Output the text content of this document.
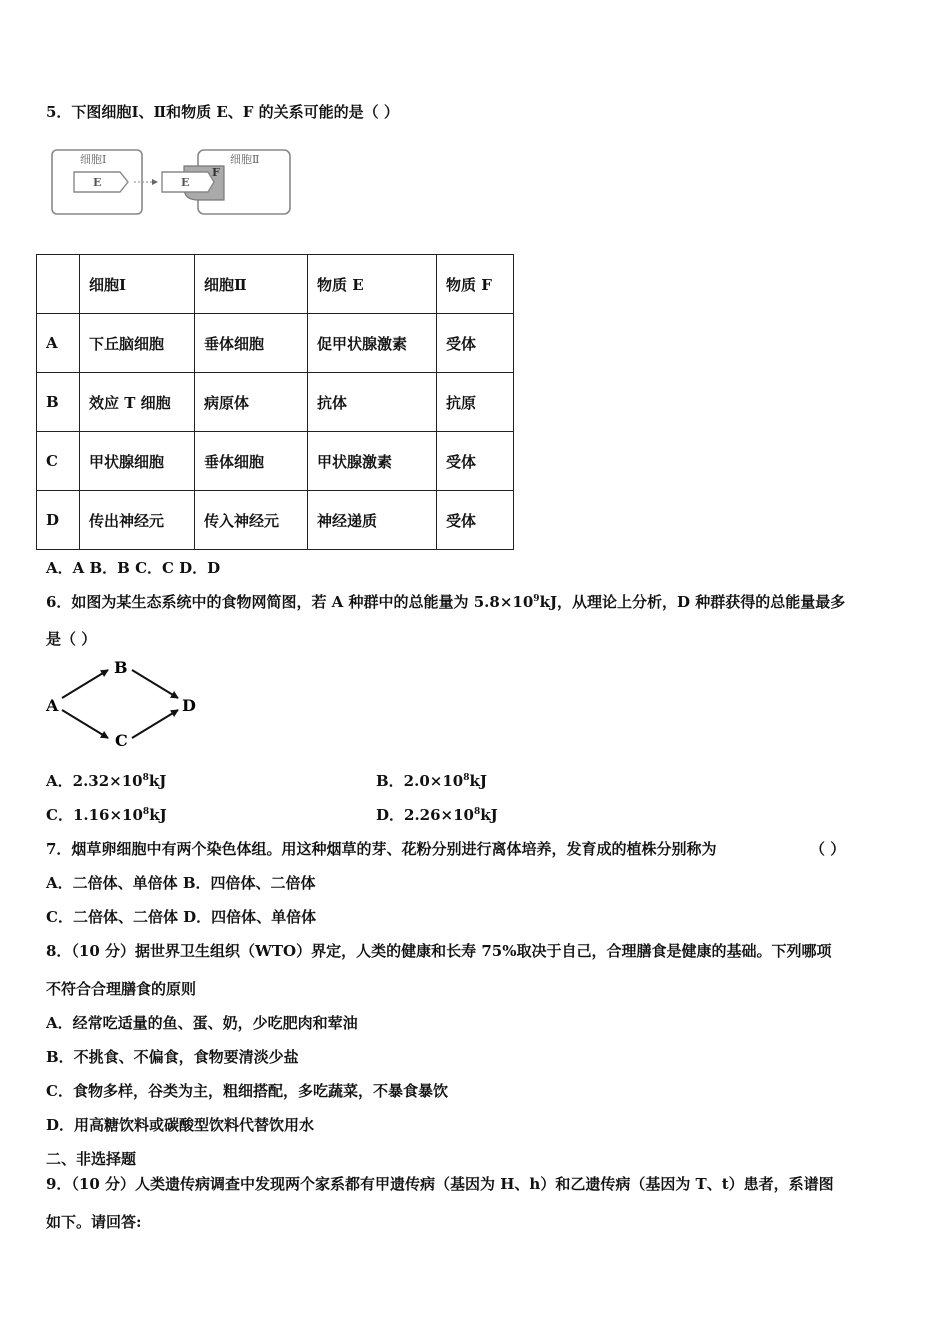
5．下图细胞Ⅰ、Ⅱ和物质 E、F 的关系可能的是（ ）
细胞Ⅰ
E
细胞Ⅱ
E
F
	细胞Ⅰ	细胞Ⅱ	物质 E	物质 F
A	下丘脑细胞	垂体细胞	促甲状腺激素	受体
B	效应 T 细胞	病原体	抗体	抗原
C	甲状腺细胞	垂体细胞	甲状腺激素	受体
D	传出神经元	传入神经元	神经递质	受体
A．A B．B C．C D．D
6．如图为某生态系统中的食物网简图，若 A 种群中的总能量为 $5.8\times 10^9kJ$，从理论上分析，D 种群获得的总能量最多
是（ ）
A
B
C
D
A．$2.32\times 10^8kJ$	B．$2.0\times 10^8kJ$
C．$1.16\times 10^8kJ$	D．$2.26\times 10^8kJ$
7．烟草卵细胞中有两个染色体组。用这种烟草的芽、花粉分别进行离体培养，发育成的植株分别称为	（ ）
A．二倍体、单倍体 B．四倍体、二倍体
C．二倍体、二倍体 D．四倍体、单倍体
8．（10 分）据世界卫生组织（WTO）界定，人类的健康和长寿 75%取决于自己，合理膳食是健康的基础。下列哪项
不符合合理膳食的原则
A．经常吃适量的鱼、蛋、奶，少吃肥肉和荤油
B．不挑食、不偏食，食物要清淡少盐
C．食物多样，谷类为主，粗细搭配，多吃蔬菜，不暴食暴饮
D．用高糖饮料或碳酸型饮料代替饮用水
二、非选择题
9．（10 分）人类遗传病调查中发现两个家系都有甲遗传病（基因为 H、h）和乙遗传病（基因为 T、t）患者，系谱图
如下。请回答:
